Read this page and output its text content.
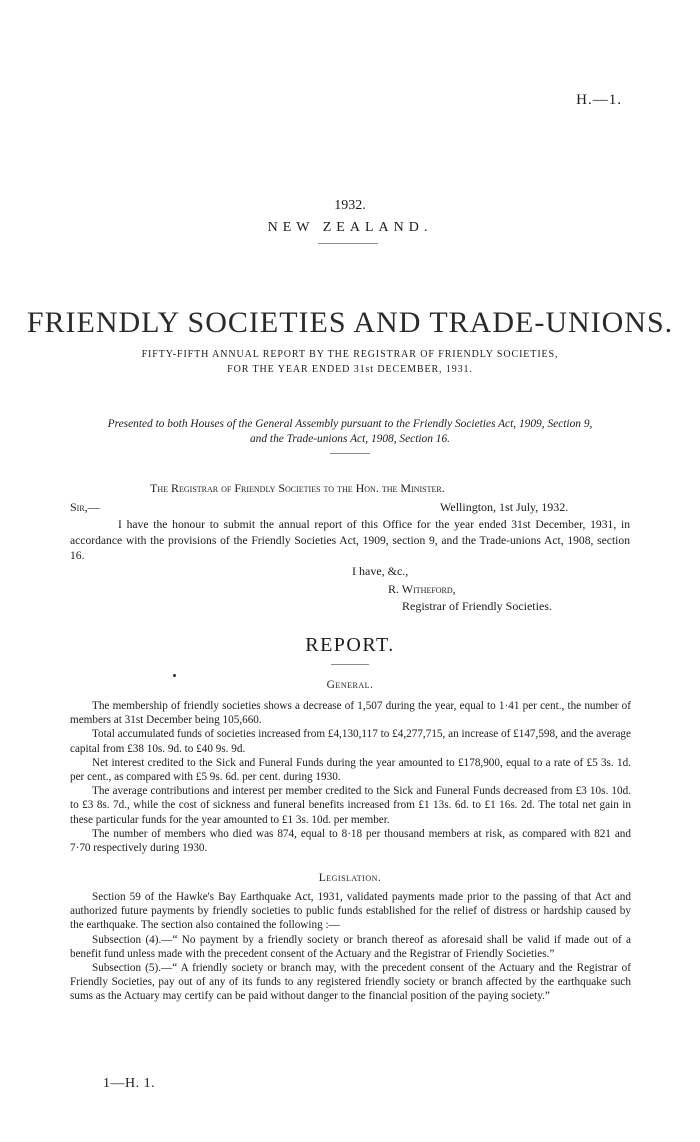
H.—1.
1932.
NEW ZEALAND.
FRIENDLY SOCIETIES AND TRADE-UNIONS.
FIFTY-FIFTH ANNUAL REPORT BY THE REGISTRAR OF FRIENDLY SOCIETIES,
FOR THE YEAR ENDED 31st DECEMBER, 1931.
Presented to both Houses of the General Assembly pursuant to the Friendly Societies Act, 1909, Section 9,
and the Trade-unions Act, 1908, Section 16.
The Registrar of Friendly Societies to the Hon. the Minister.
Sir,—	Wellington, 1st July, 1932.

I have the honour to submit the annual report of this Office for the year ended 31st December, 1931, in accordance with the provisions of the Friendly Societies Act, 1909, section 9, and the Trade-unions Act, 1908, section 16.

I have, &c.,
R. Witheford,
Registrar of Friendly Societies.
REPORT.
General.

The membership of friendly societies shows a decrease of 1,507 during the year, equal to 1·41 per cent., the number of members at 31st December being 105,660.

Total accumulated funds of societies increased from £4,130,117 to £4,277,715, an increase of £147,598, and the average capital from £38 10s. 9d. to £40 9s. 9d.

Net interest credited to the Sick and Funeral Funds during the year amounted to £178,900, equal to a rate of £5 3s. 1d. per cent., as compared with £5 9s. 6d. per cent. during 1930.

The average contributions and interest per member credited to the Sick and Funeral Funds decreased from £3 10s. 10d. to £3 8s. 7d., while the cost of sickness and funeral benefits increased from £1 13s. 6d. to £1 16s. 2d. The total net gain in these particular funds for the year amounted to £1 3s. 10d. per member.

The number of members who died was 874, equal to 8·18 per thousand members at risk, as compared with 821 and 7·70 respectively during 1930.

Legislation.

Section 59 of the Hawke's Bay Earthquake Act, 1931, validated payments made prior to the passing of that Act and authorized future payments by friendly societies to public funds established for the relief of distress or hardship caused by the earthquake. The section also contained the following :—

Subsection (4).—“ No payment by a friendly society or branch thereof as aforesaid shall be valid if made out of a benefit fund unless made with the precedent consent of the Actuary and the Registrar of Friendly Societies.”

Subsection (5).—“ A friendly society or branch may, with the precedent consent of the Actuary and the Registrar of Friendly Societies, pay out of any of its funds to any registered friendly society or branch affected by the earthquake such sums as the Actuary may certify can be paid without danger to the financial position of the paying society.”

1—H. 1.
